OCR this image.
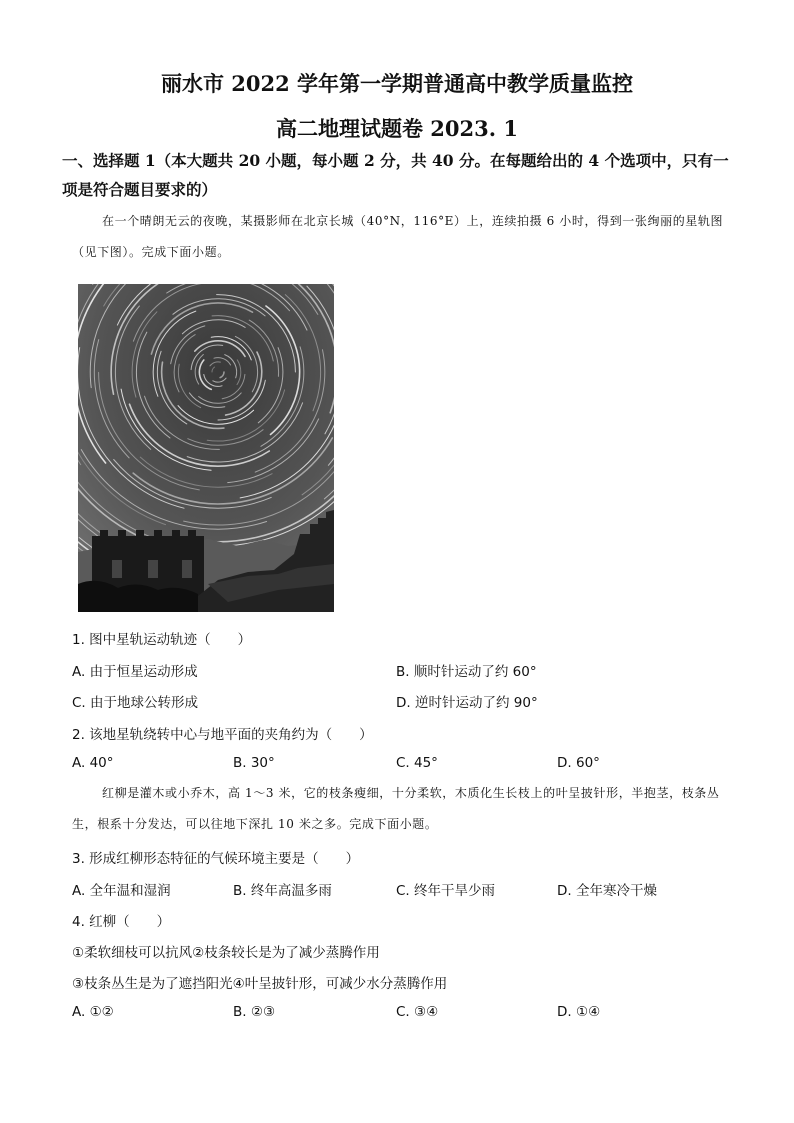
丽水市 2022 学年第一学期普通高中教学质量监控
高二地理试题卷 2023. 1
一、选择题 1（本大题共 20 小题，每小题 2 分，共 40 分。在每题给出的 4 个选项中，只有一项是符合题目要求的）
在一个晴朗无云的夜晚，某摄影师在北京长城（40°N，116°E）上，连续拍摄 6 小时，得到一张绚丽的星轨图（见下图）。完成下面小题。
1. 图中星轨运动轨迹（　　）
A. 由于恒星运动形成	B. 顺时针运动了约 60°
C. 由于地球公转形成	D. 逆时针运动了约 90°
2. 该地星轨绕转中心与地平面的夹角约为（　　）
A. 40°	B. 30°	C. 45°	D. 60°
红柳是灌木或小乔木，高 1～3 米，它的枝条瘦细，十分柔软，木质化生长枝上的叶呈披针形，半抱茎，枝条丛生，根系十分发达，可以往地下深扎 10 米之多。完成下面小题。
3. 形成红柳形态特征的气候环境主要是（　　）
A. 全年温和湿润	B. 终年高温多雨	C. 终年干旱少雨	D. 全年寒冷干燥
4. 红柳（　　）
①柔软细枝可以抗风②枝条较长是为了减少蒸腾作用
③枝条丛生是为了遮挡阳光④叶呈披针形，可减少水分蒸腾作用
A. ①②	B. ②③	C. ③④	D. ①④
